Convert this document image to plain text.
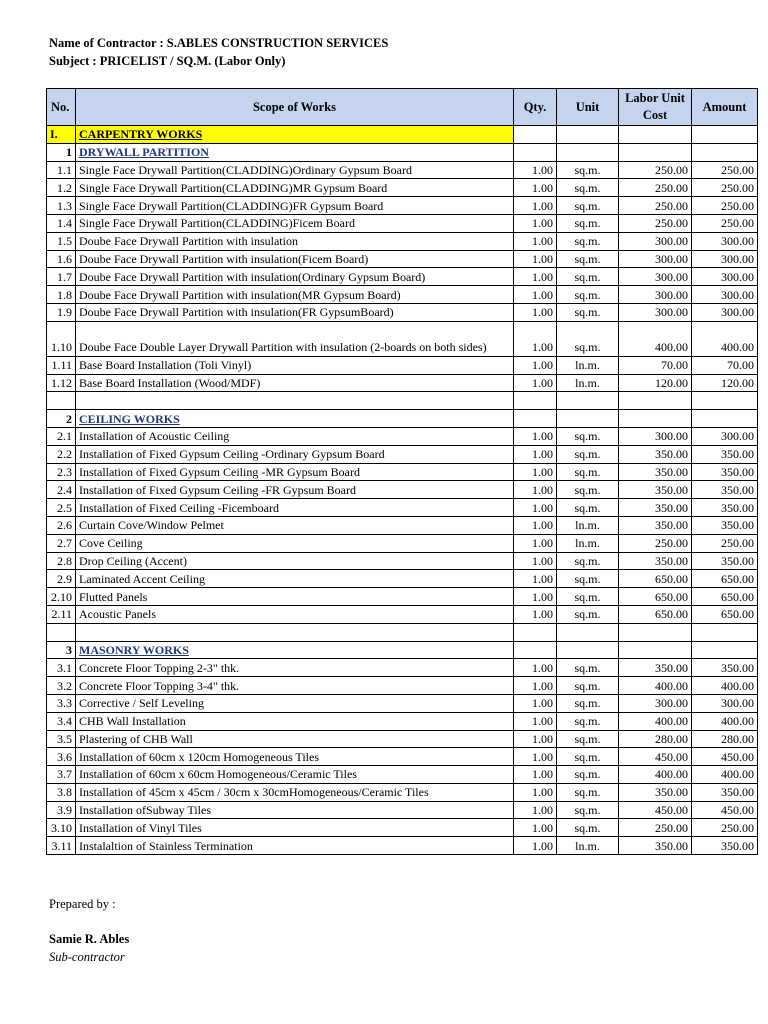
Name of Contractor : S.ABLES CONSTRUCTION SERVICES
Subject : PRICELIST / SQ.M. (Labor Only)
No.	Scope of Works	Qty.	Unit	Labor Unit Cost	Amount
I.	CARPENTRY WORKS				
1	DRYWALL PARTITION				
1.1	Single Face Drywall Partition(CLADDING)Ordinary Gypsum Board	1.00	sq.m.	250.00	250.00
1.2	Single Face Drywall Partition(CLADDING)MR Gypsum Board	1.00	sq.m.	250.00	250.00
1.3	Single Face Drywall Partition(CLADDING)FR Gypsum Board	1.00	sq.m.	250.00	250.00
1.4	Single Face Drywall Partition(CLADDING)Ficem Board	1.00	sq.m.	250.00	250.00
1.5	Doube Face Drywall Partition with insulation	1.00	sq.m.	300.00	300.00
1.6	Doube Face Drywall Partition with insulation(Ficem Board)	1.00	sq.m.	300.00	300.00
1.7	Doube Face Drywall Partition with insulation(Ordinary Gypsum Board)	1.00	sq.m.	300.00	300.00
1.8	Doube Face Drywall Partition with insulation(MR Gypsum Board)	1.00	sq.m.	300.00	300.00
1.9	Doube Face Drywall Partition with insulation(FR GypsumBoard)	1.00	sq.m.	300.00	300.00
1.10	Doube Face Double Layer Drywall Partition with insulation (2-boards on both sides)	1.00	sq.m.	400.00	400.00
1.11	Base Board Installation (Toli Vinyl)	1.00	ln.m.	70.00	70.00
1.12	Base Board Installation (Wood/MDF)	1.00	ln.m.	120.00	120.00

2	CEILING WORKS				
2.1	Installation of Acoustic Ceiling	1.00	sq.m.	300.00	300.00
2.2	Installation of Fixed Gypsum Ceiling -Ordinary Gypsum Board	1.00	sq.m.	350.00	350.00
2.3	Installation of Fixed Gypsum Ceiling -MR Gypsum Board	1.00	sq.m.	350.00	350.00
2.4	Installation of Fixed Gypsum Ceiling -FR Gypsum Board	1.00	sq.m.	350.00	350.00
2.5	Installation of Fixed Ceiling -Ficemboard	1.00	sq.m.	350.00	350.00
2.6	Curtain Cove/Window Pelmet	1.00	ln.m.	350.00	350.00
2.7	Cove Ceiling	1.00	ln.m.	250.00	250.00
2.8	Drop Ceiling (Accent)	1.00	sq.m.	350.00	350.00
2.9	Laminated Accent Ceiling	1.00	sq.m.	650.00	650.00
2.10	Flutted Panels	1.00	sq.m.	650.00	650.00
2.11	Acoustic Panels	1.00	sq.m.	650.00	650.00

3	MASONRY WORKS				
3.1	Concrete Floor Topping 2-3" thk.	1.00	sq.m.	350.00	350.00
3.2	Concrete Floor Topping 3-4" thk.	1.00	sq.m.	400.00	400.00
3.3	Corrective / Self Leveling	1.00	sq.m.	300.00	300.00
3.4	CHB Wall Installation	1.00	sq.m.	400.00	400.00
3.5	Plastering of CHB Wall	1.00	sq.m.	280.00	280.00
3.6	Installation of 60cm x 120cm Homogeneous Tiles	1.00	sq.m.	450.00	450.00
3.7	Installation of 60cm x 60cm Homogeneous/Ceramic Tiles	1.00	sq.m.	400.00	400.00
3.8	Installation of 45cm x 45cm / 30cm x 30cmHomogeneous/Ceramic Tiles	1.00	sq.m.	350.00	350.00
3.9	Installation ofSubway Tiles	1.00	sq.m.	450.00	450.00
3.10	Installation of Vinyl Tiles	1.00	sq.m.	250.00	250.00
3.11	Instalaltion of Stainless Termination	1.00	ln.m.	350.00	350.00
Prepared by :
Samie R. Ables
Sub-contractor
